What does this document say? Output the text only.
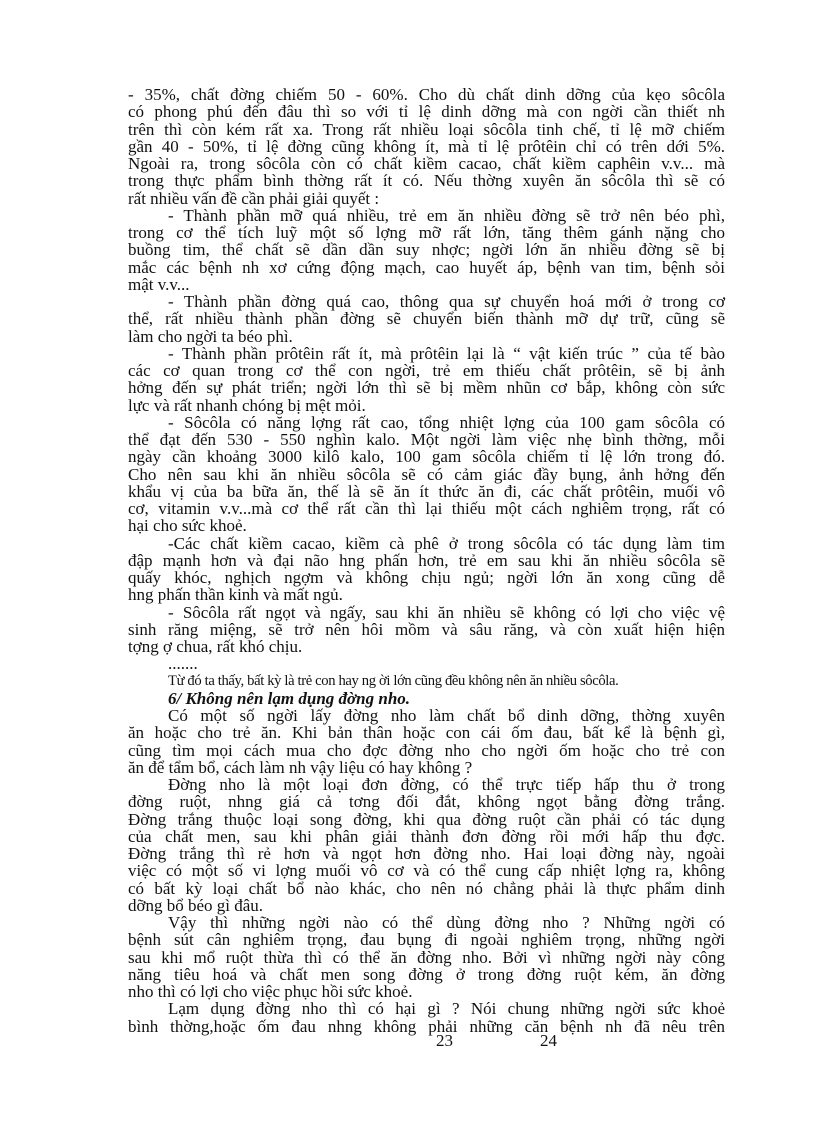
- 35%, chất đờng chiếm 50 - 60%. Cho dù chất dinh dỡng của kẹo sôcôla
có phong phú đến đâu thì so với tỉ lệ dinh dỡng mà con ngời cần thiết nh
trên thì còn kém rất xa. Trong rất nhiều loại sôcôla tinh chế, tỉ lệ mỡ chiếm
gần 40 - 50%, tỉ lệ đờng cũng không ít, mà tỉ lệ prôtêin chỉ có trên dới 5%.
Ngoài ra, trong sôcôla còn có chất kiềm cacao, chất kiềm caphêin v.v... mà
trong thực phẩm bình thờng rất ít có. Nếu thờng xuyên ăn sôcôla thì sẽ có
rất nhiều vấn đề cần phải giải quyết :
- Thành phần mỡ quá nhiều, trẻ em ăn nhiều đờng sẽ trở nên béo phì,
trong cơ thể tích luỹ một số lợng mỡ rất lớn, tăng thêm gánh nặng cho
buồng tim, thể chất sẽ dần dần suy nhợc; ngời lớn ăn nhiều đờng sẽ bị
mắc các bệnh nh xơ cứng động mạch, cao huyết áp, bệnh van tim, bệnh sỏi
mật v.v...
- Thành phần đờng quá cao, thông qua sự chuyển hoá mới ở trong cơ
thể, rất nhiều thành phần đờng sẽ chuyển biến thành mỡ dự trữ, cũng sẽ
làm cho ngời ta béo phì.
- Thành phần prôtêin rất ít, mà prôtêin lại là “ vật kiến trúc ” của tế bào
các cơ quan trong cơ thể con ngời, trẻ em thiếu chất prôtêin, sẽ bị ảnh
hởng đến sự phát triển; ngời lớn thì sẽ bị mềm nhũn cơ bắp, không còn sức
lực và rất nhanh chóng bị mệt mỏi.
- Sôcôla có năng lợng rất cao, tổng nhiệt lợng của 100 gam sôcôla có
thể đạt đến 530 - 550 nghìn kalo. Một ngời làm việc nhẹ bình thờng, mỗi
ngày cần khoảng 3000 kilô kalo, 100 gam sôcôla chiếm tỉ lệ lớn trong đó.
Cho nên sau khi ăn nhiều sôcôla sẽ có cảm giác đầy bụng, ảnh hởng đến
khẩu vị của ba bữa ăn, thế là sẽ ăn ít thức ăn đi, các chất prôtêin, muối vô
cơ, vitamin v.v...mà cơ thể rất cần thì lại thiếu một cách nghiêm trọng, rất có
hại cho sức khoẻ.
-Các chất kiềm cacao, kiềm cà phê ở trong sôcôla có tác dụng làm tim
đập mạnh hơn và đại não hng phấn hơn, trẻ em sau khi ăn nhiều sôcôla sẽ
quấy khóc, nghịch ngợm và không chịu ngủ; ngời lớn ăn xong cũng dễ
hng phấn thần kinh và mất ngủ.
- Sôcôla rất ngọt và ngấy, sau khi ăn nhiều sẽ không có lợi cho việc vệ
sinh răng miệng, sẽ trở nên hôi mồm và sâu răng, và còn xuất hiện hiện
tợng ợ chua, rất khó chịu.
.......
Từ đó ta thấy, bất kỳ là trẻ con hay ng ời lớn cũng đều không nên ăn nhiều sôcôla.
6/ Không nên lạm dụng đờng nho.
Có một số ngời lấy đờng nho làm chất bổ dinh dỡng, thờng xuyên
ăn hoặc cho trẻ ăn. Khi bản thân hoặc con cái ốm đau, bất kể là bệnh gì,
cũng tìm mọi cách mua cho đợc đờng nho cho ngời ốm hoặc cho trẻ con
ăn để tẩm bổ, cách làm nh vậy liệu có hay không ?
Đờng nho là một loại đơn đờng, có thể trực tiếp hấp thu ở trong
đờng ruột, nhng giá cả tơng đối đắt, không ngọt bằng đờng trắng.
Đờng trắng thuộc loại song đờng, khi qua đờng ruột cần phải có tác dụng
của chất men, sau khi phân giải thành đơn đờng rồi mới hấp thu đợc.
Đờng trắng thì rẻ hơn và ngọt hơn đờng nho. Hai loại đờng này, ngoài
việc có một số vi lợng muối vô cơ và có thể cung cấp nhiệt lợng ra, không
có bất kỳ loại chất bổ nào khác, cho nên nó chẳng phải là thực phẩm dinh
dỡng bổ béo gì đâu.
Vậy thì những ngời nào có thể dùng đờng nho ? Những ngời có
bệnh sút cân nghiêm trọng, đau bụng đi ngoài nghiêm trọng, những ngời
sau khi mổ ruột thừa thì có thể ăn đờng nho. Bởi vì những ngời này công
năng tiêu hoá và chất men song đờng ở trong đờng ruột kém, ăn đờng
nho thì có lợi cho việc phục hồi sức khoẻ.
Lạm dụng đờng nho thì có hại gì ? Nói chung những ngời sức khoẻ
bình thờng,hoặc ốm đau nhng không phải những căn bệnh nh đã nêu trên
23	24
